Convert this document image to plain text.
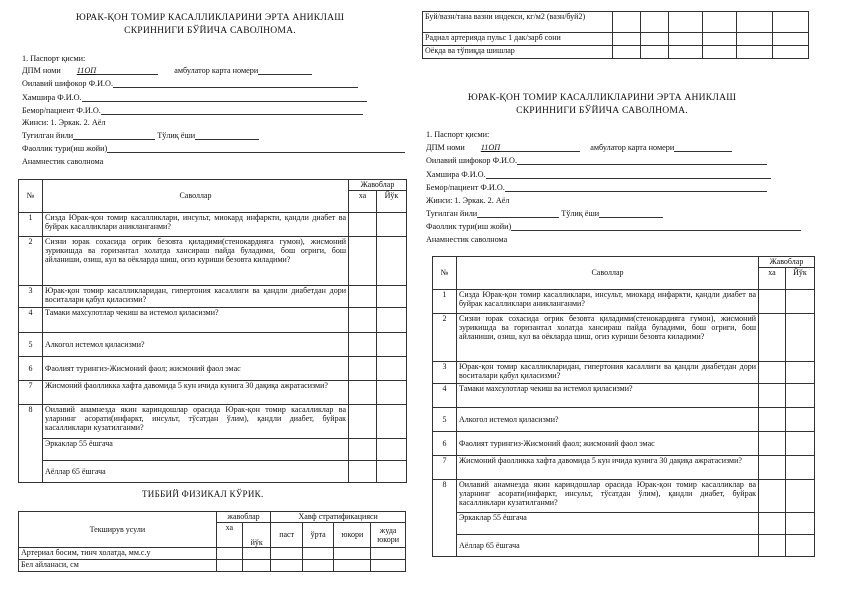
ЮРАК-ҚОН ТОМИР КАСАЛЛИКЛАРИНИ ЭРТА АНИКЛАШ
СКРИННИГИ БЎЙИЧА САВОЛНОМА.
1. Паспорт қисми:
ДПМ номи 11ОП	амбулатор карта номери
Оилавий шифокор Ф.И.О.
Хамшира Ф.И.О.
Бемор/пациент Ф.И.О.
Жинси: 1. Эркак. 2. Аёл
Туғилган йили	Тўлиқ ёши
Фаоллик тури(иш жойи)
Анамнестик саволнома
№	Саволлар	Жавоблар	
		ха	Йўк
1	Сизда Юрак-қон томир касалликлари, инсульт, миокард инфаркти, қандли диабет ва буйрак касалликлари аникланганми?		
2	Сизни юрак сохасида огрик безовта қиладими(стенокардияга гумон), жисмоний зурикишда ва горизантал холатда хансираш пайда буладими, бош огриги, бош айланиши, озиш, кул ва оёкларда шиш, огиз куриши безовта киладими?		
3	Юрак-қон томир касалликларидан, гипертония касаллиги ва қандли диабетдан дори воситалари қабул қиласизми?		
4	Тамаки махсулотлар чекиш ва истемол қиласизми?		
5	Алкогол истемол қиласизми?		
6	Фаолият турингиз-Жисмоний фаол; жисмоний фаол эмас		
7	Жисмоний фаолликка хафта давомида 5 кун ичида кунига 30 дақиқа ажратасизми?		
8	Оилавий анамнезда якин кариндошлар орасида Юрак-қон томир касалликлар ва уларнинг асорати(инфаркт, инсульт, тўсатдан ўлим), қандли диабет, буйрак касалликлари кузатилганми?		
	Эркаклар 55 ёшгача		
	Аёллар 65 ёшгача		
ТИББИЙ ФИЗИКАЛ КЎРИК.
Текширув усули	жавоблар		Хавф стратификацияси			
	ха	йўк	паст	ўрта	юкори	жуда юкори
Артериал босим, тинч холатда, мм.с.у						
Бел айланаси, см						
Буй/вазн/тана вазни индекси, кг/м2 (вазн/буй2)						
Радиал артерияда пульс 1 дак/зарб сони						
Оёкда ва тўпиқда шишлар						
ЮРАК-ҚОН ТОМИР КАСАЛЛИКЛАРИНИ ЭРТА АНИКЛАШ
СКРИННИГИ БЎЙИЧА САВОЛНОМА.
1. Паспорт қисми:
ДПМ номи 11ОП	амбулатор карта номери
Оилавий шифокор Ф.И.О.
Хамшира Ф.И.О.
Бемор/пациент Ф.И.О.
Жинси: 1. Эркак. 2. Аёл
Туғилган йили	Тўлиқ ёши
Фаоллик тури(иш жойи)
Анамнестик саволнома
№	Саволлар	Жавоблар	
		ха	Йўк
1	Сизда Юрак-қон томир касалликлари, инсульт, миокард инфаркти, қандли диабет ва буйрак касалликлари аникланганми?		
2	Сизни юрак сохасида огрик безовта қиладими(стенокардияга гумон), жисмоний зурикишда ва горизантал холатда хансираш пайда буладими, бош огриги, бош айланиши, озиш, кул ва оёкларда шиш, огиз куриши безовта киладими?		
3	Юрак-қон томир касалликларидан, гипертония касаллиги ва қандли диабетдан дори воситалари қабул қиласизми?		
4	Тамаки махсулотлар чекиш ва истемол қиласизми?		
5	Алкогол истемол қиласизми?		
6	Фаолият турингиз-Жисмоний фаол; жисмоний фаол эмас		
7	Жисмоний фаолликка хафта давомида 5 кун ичида кунига 30 дақиқа ажратасизми?		
8	Оилавий анамнезда якин кариндошлар орасида Юрак-қон томир касалликлар ва уларнинг асорати(инфаркт, инсульт, тўсатдан ўлим), қандли диабет, буйрак касалликлари кузатилганми?		
	Эркаклар 55 ёшгача		
	Аёллар 65 ёшгача		
